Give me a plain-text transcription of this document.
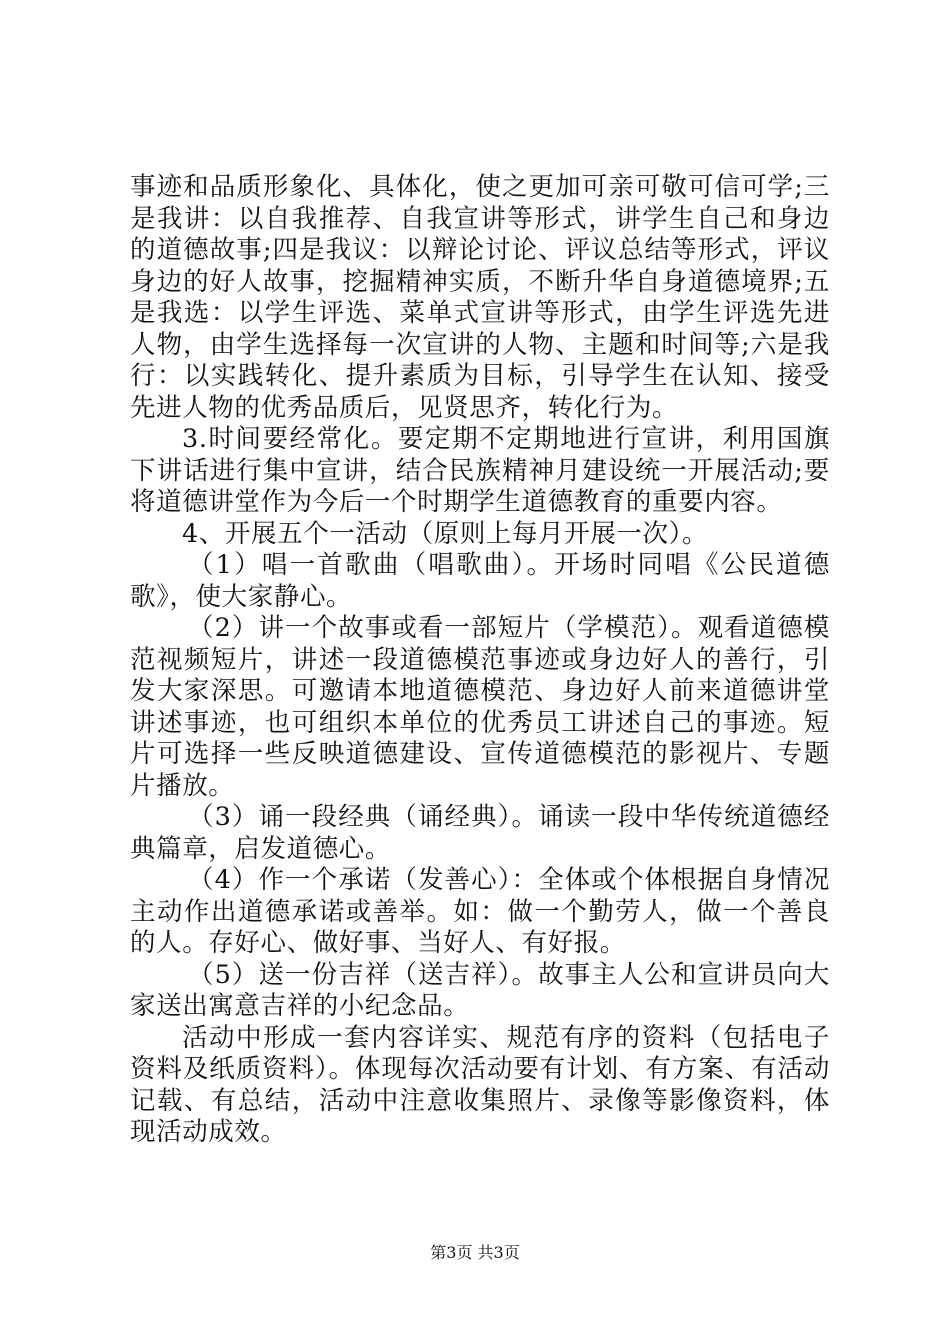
事迹和品质形象化、具体化，使之更加可亲可敬可信可学;三是我讲：以自我推荐、自我宣讲等形式，讲学生自己和身边的道德故事;四是我议：以辩论讨论、评议总结等形式，评议身边的好人故事，挖掘精神实质，不断升华自身道德境界;五是我选：以学生评选、菜单式宣讲等形式，由学生评选先进人物，由学生选择每一次宣讲的人物、主题和时间等;六是我行：以实践转化、提升素质为目标，引导学生在认知、接受先进人物的优秀品质后，见贤思齐，转化行为。

3.时间要经常化。要定期不定期地进行宣讲，利用国旗下讲话进行集中宣讲，结合民族精神月建设统一开展活动;要将道德讲堂作为今后一个时期学生道德教育的重要内容。

4、开展五个一活动（原则上每月开展一次）。

（1）唱一首歌曲（唱歌曲）。开场时同唱《公民道德歌》，使大家静心。

（2）讲一个故事或看一部短片（学模范）。观看道德模范视频短片，讲述一段道德模范事迹或身边好人的善行，引发大家深思。可邀请本地道德模范、身边好人前来道德讲堂讲述事迹，也可组织本单位的优秀员工讲述自己的事迹。短片可选择一些反映道德建设、宣传道德模范的影视片、专题片播放。

（3）诵一段经典（诵经典）。诵读一段中华传统道德经典篇章，启发道德心。

（4）作一个承诺（发善心）：全体或个体根据自身情况主动作出道德承诺或善举。如：做一个勤劳人，做一个善良的人。存好心、做好事、当好人、有好报。

（5）送一份吉祥（送吉祥）。故事主人公和宣讲员向大家送出寓意吉祥的小纪念品。

活动中形成一套内容详实、规范有序的资料（包括电子资料及纸质资料）。体现每次活动要有计划、有方案、有活动记载、有总结，活动中注意收集照片、录像等影像资料，体现活动成效。

第3页 共3页
